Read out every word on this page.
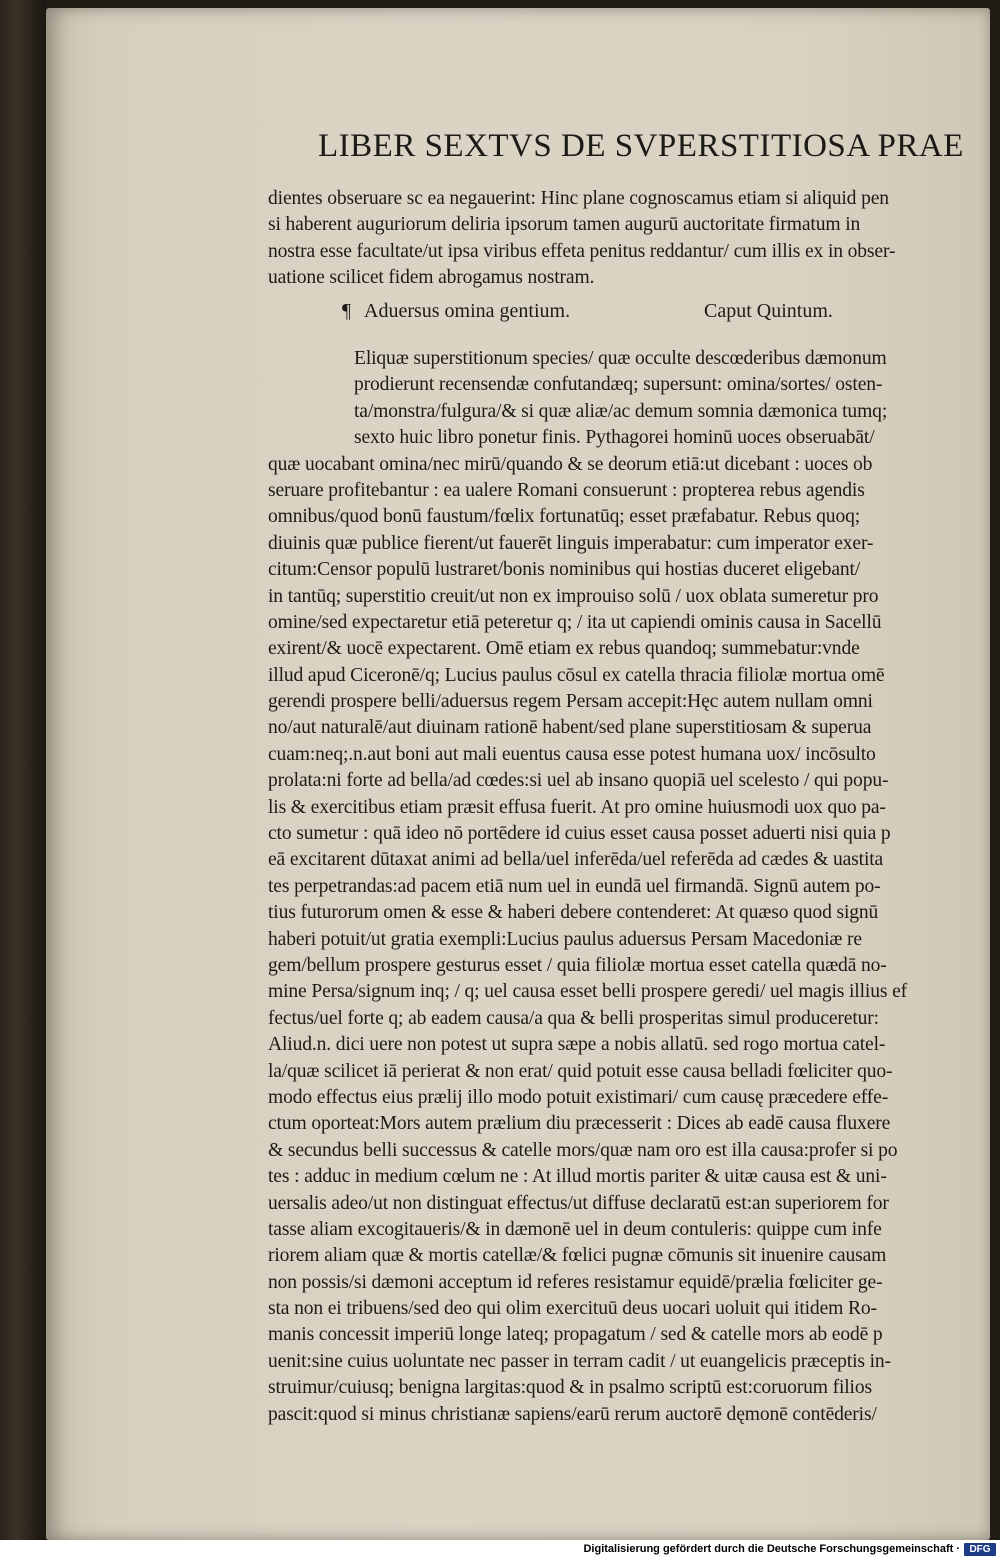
LIBER SEXTVS DE SVPERSTITIOSA PRAE
dientes obseruare sc ea negauerint: Hinc plane cognoscamus etiam si aliquid pen
si haberent auguriorum deliria ipsorum tamen augurū auctoritate firmatum in
nostra esse facultate/ut ipsa viribus effeta penitus reddantur/ cum illis ex in obser-
uatione scilicet fidem abrogamus nostram.
¶ Aduersus omina gentium.	Caput Quintum.
Eliquæ superstitionum species/ quæ occulte descœderibus dæmonum
prodierunt recensendæ confutandæq; supersunt: omina/sortes/ osten-
ta/monstra/fulgura/& si quæ aliæ/ac demum somnia dæmonica tumq;
sexto huic libro ponetur finis. Pythagorei hominū uoces obseruabāt/
quæ uocabant omina/nec mirū/quando & se deorum etiā:ut dicebant : uoces ob
seruare profitebantur : ea ualere Romani consuerunt : propterea rebus agendis
omnibus/quod bonū faustum/fœlix fortunatūq; esset præfabatur. Rebus quoq;
diuinis quæ publice fierent/ut fauerēt linguis imperabatur: cum imperator exer-
citum:Censor populū lustraret/bonis nominibus qui hostias duceret eligebant/
in tantūq; superstitio creuit/ut non ex improuiso solū / uox oblata sumeretur pro
omine/sed expectaretur etiā peteretur q; / ita ut capiendi ominis causa in Sacellū
exirent/& uocē expectarent. Omē etiam ex rebus quandoq; summebatur:vnde
illud apud Ciceronē/q; Lucius paulus cōsul ex catella thracia filiolæ mortua omē
gerendi prospere belli/aduersus regem Persam accepit:Hęc autem nullam omni
no/aut naturalē/aut diuinam rationē habent/sed plane superstitiosam & superua
cuam:neq;.n.aut boni aut mali euentus causa esse potest humana uox/ incōsulto
prolata:ni forte ad bella/ad cœdes:si uel ab insano quopiā uel scelesto / qui popu-
lis & exercitibus etiam præsit effusa fuerit. At pro omine huiusmodi uox quo pa-
cto sumetur : quā ideo nō portēdere id cuius esset causa posset aduerti nisi quia p
eā excitarent dūtaxat animi ad bella/uel inferēda/uel referēda ad cædes & uastita
tes perpetrandas:ad pacem etiā num uel in eundā uel firmandā. Signū autem po-
tius futurorum omen & esse & haberi debere contenderet: At quæso quod signū
haberi potuit/ut gratia exempli:Lucius paulus aduersus Persam Macedoniæ re
gem/bellum prospere gesturus esset / quia filiolæ mortua esset catella quædā no-
mine Persa/signum inq; / q; uel causa esset belli prospere geredi/ uel magis illius ef
fectus/uel forte q; ab eadem causa/a qua & belli prosperitas simul produceretur:
Aliud.n. dici uere non potest ut supra sæpe a nobis allatū. sed rogo mortua catel-
la/quæ scilicet iā perierat & non erat/ quid potuit esse causa belladi fœliciter quo-
modo effectus eius prælij illo modo potuit existimari/ cum causę præcedere effe-
ctum oporteat:Mors autem prælium diu præcesserit : Dices ab eadē causa fluxere
& secundus belli successus & catelle mors/quæ nam oro est illa causa:profer si po
tes : adduc in medium cœlum ne : At illud mortis pariter & uitæ causa est & uni-
uersalis adeo/ut non distinguat effectus/ut diffuse declaratū est:an superiorem for
tasse aliam excogitaueris/& in dæmonē uel in deum contuleris: quippe cum infe
riorem aliam quæ & mortis catellæ/& fœlici pugnæ cōmunis sit inuenire causam
non possis/si dæmoni acceptum id referes resistamur equidē/prælia fœliciter ge-
sta non ei tribuens/sed deo qui olim exercituū deus uocari uoluit qui itidem Ro-
manis concessit imperiū longe lateq; propagatum / sed & catelle mors ab eodē p
uenit:sine cuius uoluntate nec passer in terram cadit / ut euangelicis præceptis in-
struimur/cuiusq; benigna largitas:quod & in psalmo scriptū est:coruorum filios
pascit:quod si minus christianæ sapiens/earū rerum auctorē dęmonē contēderis/
Digitalisierung gefördert durch die Deutsche Forschungsgemeinschaft · DFG
